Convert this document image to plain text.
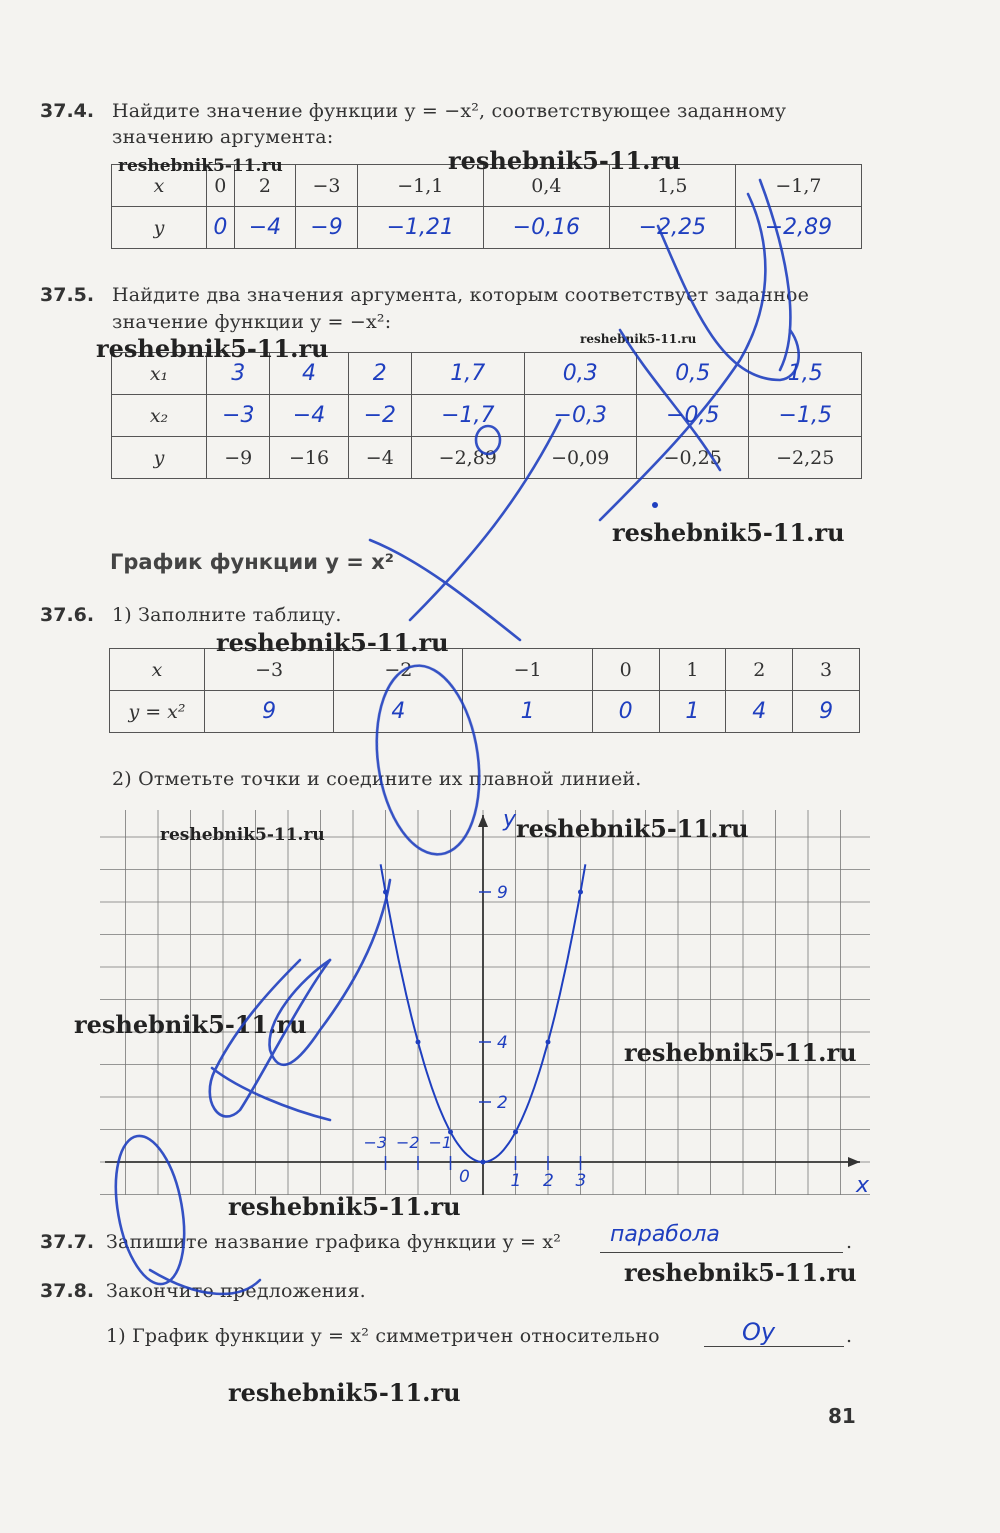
37.4. Найдите значение функции y = −x², соответствующее заданному
значению аргумента:
x	0	2	−3	−1,1	0,4	1,5	−1,7
y	0	−4	−9	−1,21	−0,16	−2,25	−2,89
37.5. Найдите два значения аргумента, которым соответствует заданное
значение функции y = −x²:
x₁	3	4	2	1,7	0,3	0,5	1,5
x₂	−3	−4	−2	−1,7	−0,3	−0,5	−1,5
y	−9	−16	−4	−2,89	−0,09	−0,25	−2,25
График функции y = x²
37.6. 1) Заполните таблицу.
x	−3	−2	−1	0	1	2	3
y = x²	9	4	1	0	1	4	9
2) Отметьте точки и соедините их плавной линией.
y
x
9
4
2
1 2 3
−3 −2 −1
0
37.7. Запишите название графика функции y = x² парабола	.
37.8. Закончите предложения.
1) График функции y = x² симметричен относительно	Oy	.
81
reshebnik5-11.ru	reshebnik5-11.ru
reshebnik5-11.ru	reshebnik5-11.ru
reshebnik5-11.ru
reshebnik5-11.ru
reshebnik5-11.ru	reshebnik5-11.ru
reshebnik5-11.ru
reshebnik5-11.ru
reshebnik5-11.ru
reshebnik5-11.ru
reshebnik5-11.ru
